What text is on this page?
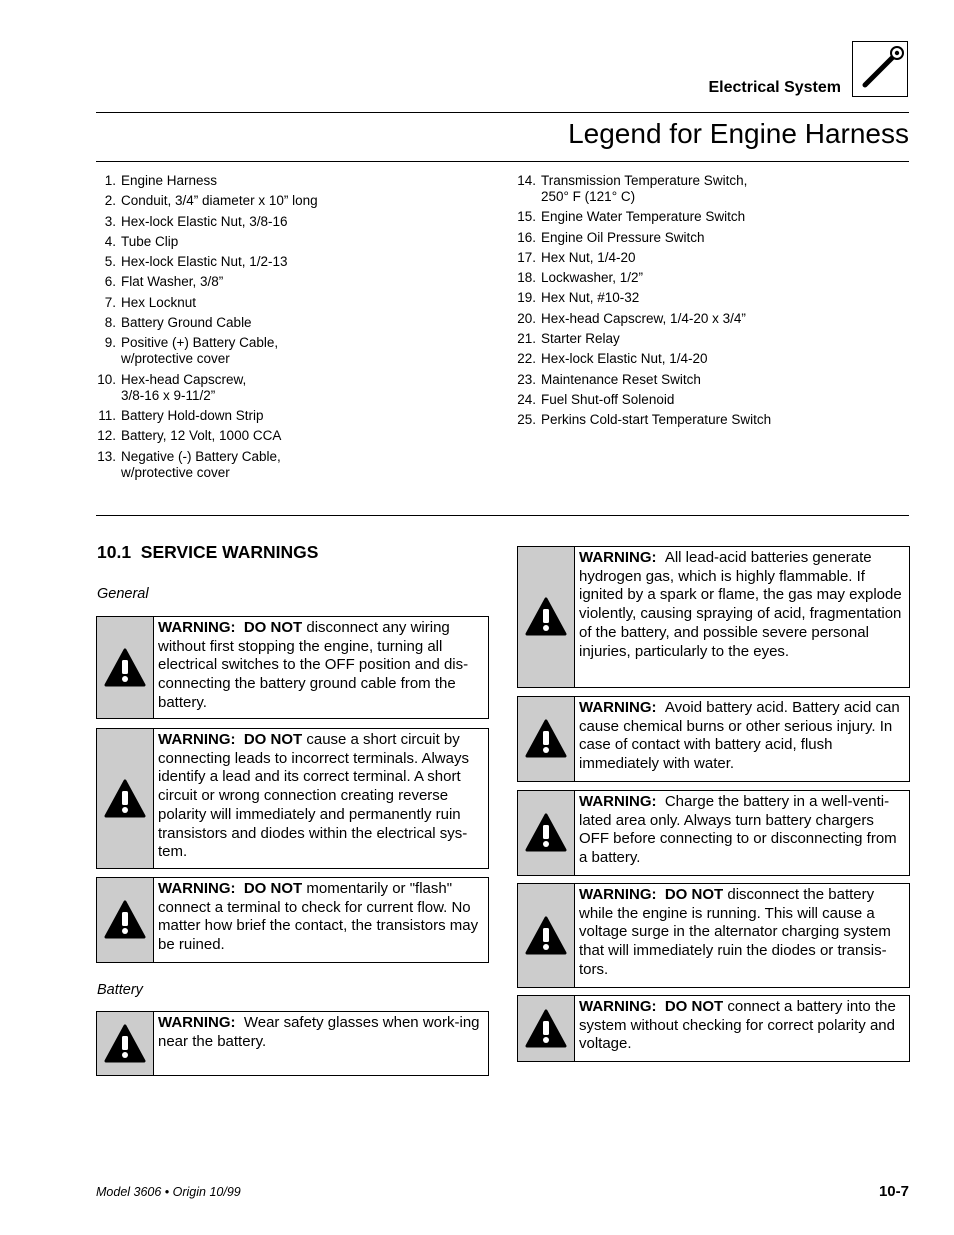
Electrical System
Legend for Engine Harness
1. Engine Harness
2. Conduit, 3/4” diameter x 10” long
3. Hex-lock Elastic Nut, 3/8-16
4. Tube Clip
5. Hex-lock Elastic Nut, 1/2-13
6. Flat Washer, 3/8”
7. Hex Locknut
8. Battery Ground Cable
9. Positive (+) Battery Cable,
w/protective cover
10. Hex-head Capscrew,
3/8-16 x 9-11/2”
11. Battery Hold-down Strip
12. Battery, 12 Volt, 1000 CCA
13. Negative (-) Battery Cable,
w/protective cover
14. Transmission Temperature Switch,
250° F (121° C)
15. Engine Water Temperature Switch
16. Engine Oil Pressure Switch
17. Hex Nut, 1/4-20
18. Lockwasher, 1/2”
19. Hex Nut, #10-32
20. Hex-head Capscrew, 1/4-20 x 3/4”
21. Starter Relay
22. Hex-lock Elastic Nut, 1/4-20
23. Maintenance Reset Switch
24. Fuel Shut-off Solenoid
25. Perkins Cold-start Temperature Switch
10.1 SERVICE WARNINGS
General
Battery
WARNING: DO NOT disconnect any wiring without first stopping the engine, turning all electrical switches to the OFF position and dis-connecting the battery ground cable from the battery.
WARNING: DO NOT cause a short circuit by connecting leads to incorrect terminals. Always identify a lead and its correct terminal. A short circuit or wrong connection creating reverse polarity will immediately and permanently ruin transistors and diodes within the electrical sys-tem.
WARNING: DO NOT momentarily or "flash" connect a terminal to check for current flow. No matter how brief the contact, the transistors may be ruined.
WARNING: Wear safety glasses when work-ing near the battery.
WARNING: All lead-acid batteries generate hydrogen gas, which is highly flammable. If ignited by a spark or flame, the gas may explode violently, causing spraying of acid, fragmentation of the battery, and possible severe personal injuries, particularly to the eyes.
WARNING: Avoid battery acid. Battery acid can cause chemical burns or other serious injury. In case of contact with battery acid, flush immediately with water.
WARNING: Charge the battery in a well-venti-lated area only. Always turn battery chargers OFF before connecting to or disconnecting from a battery.
WARNING: DO NOT disconnect the battery while the engine is running. This will cause a voltage surge in the alternator charging system that will immediately ruin the diodes or transis-tors.
WARNING: DO NOT connect a battery into the system without checking for correct polarity and voltage.
Model 3606 • Origin 10/99	10-7
